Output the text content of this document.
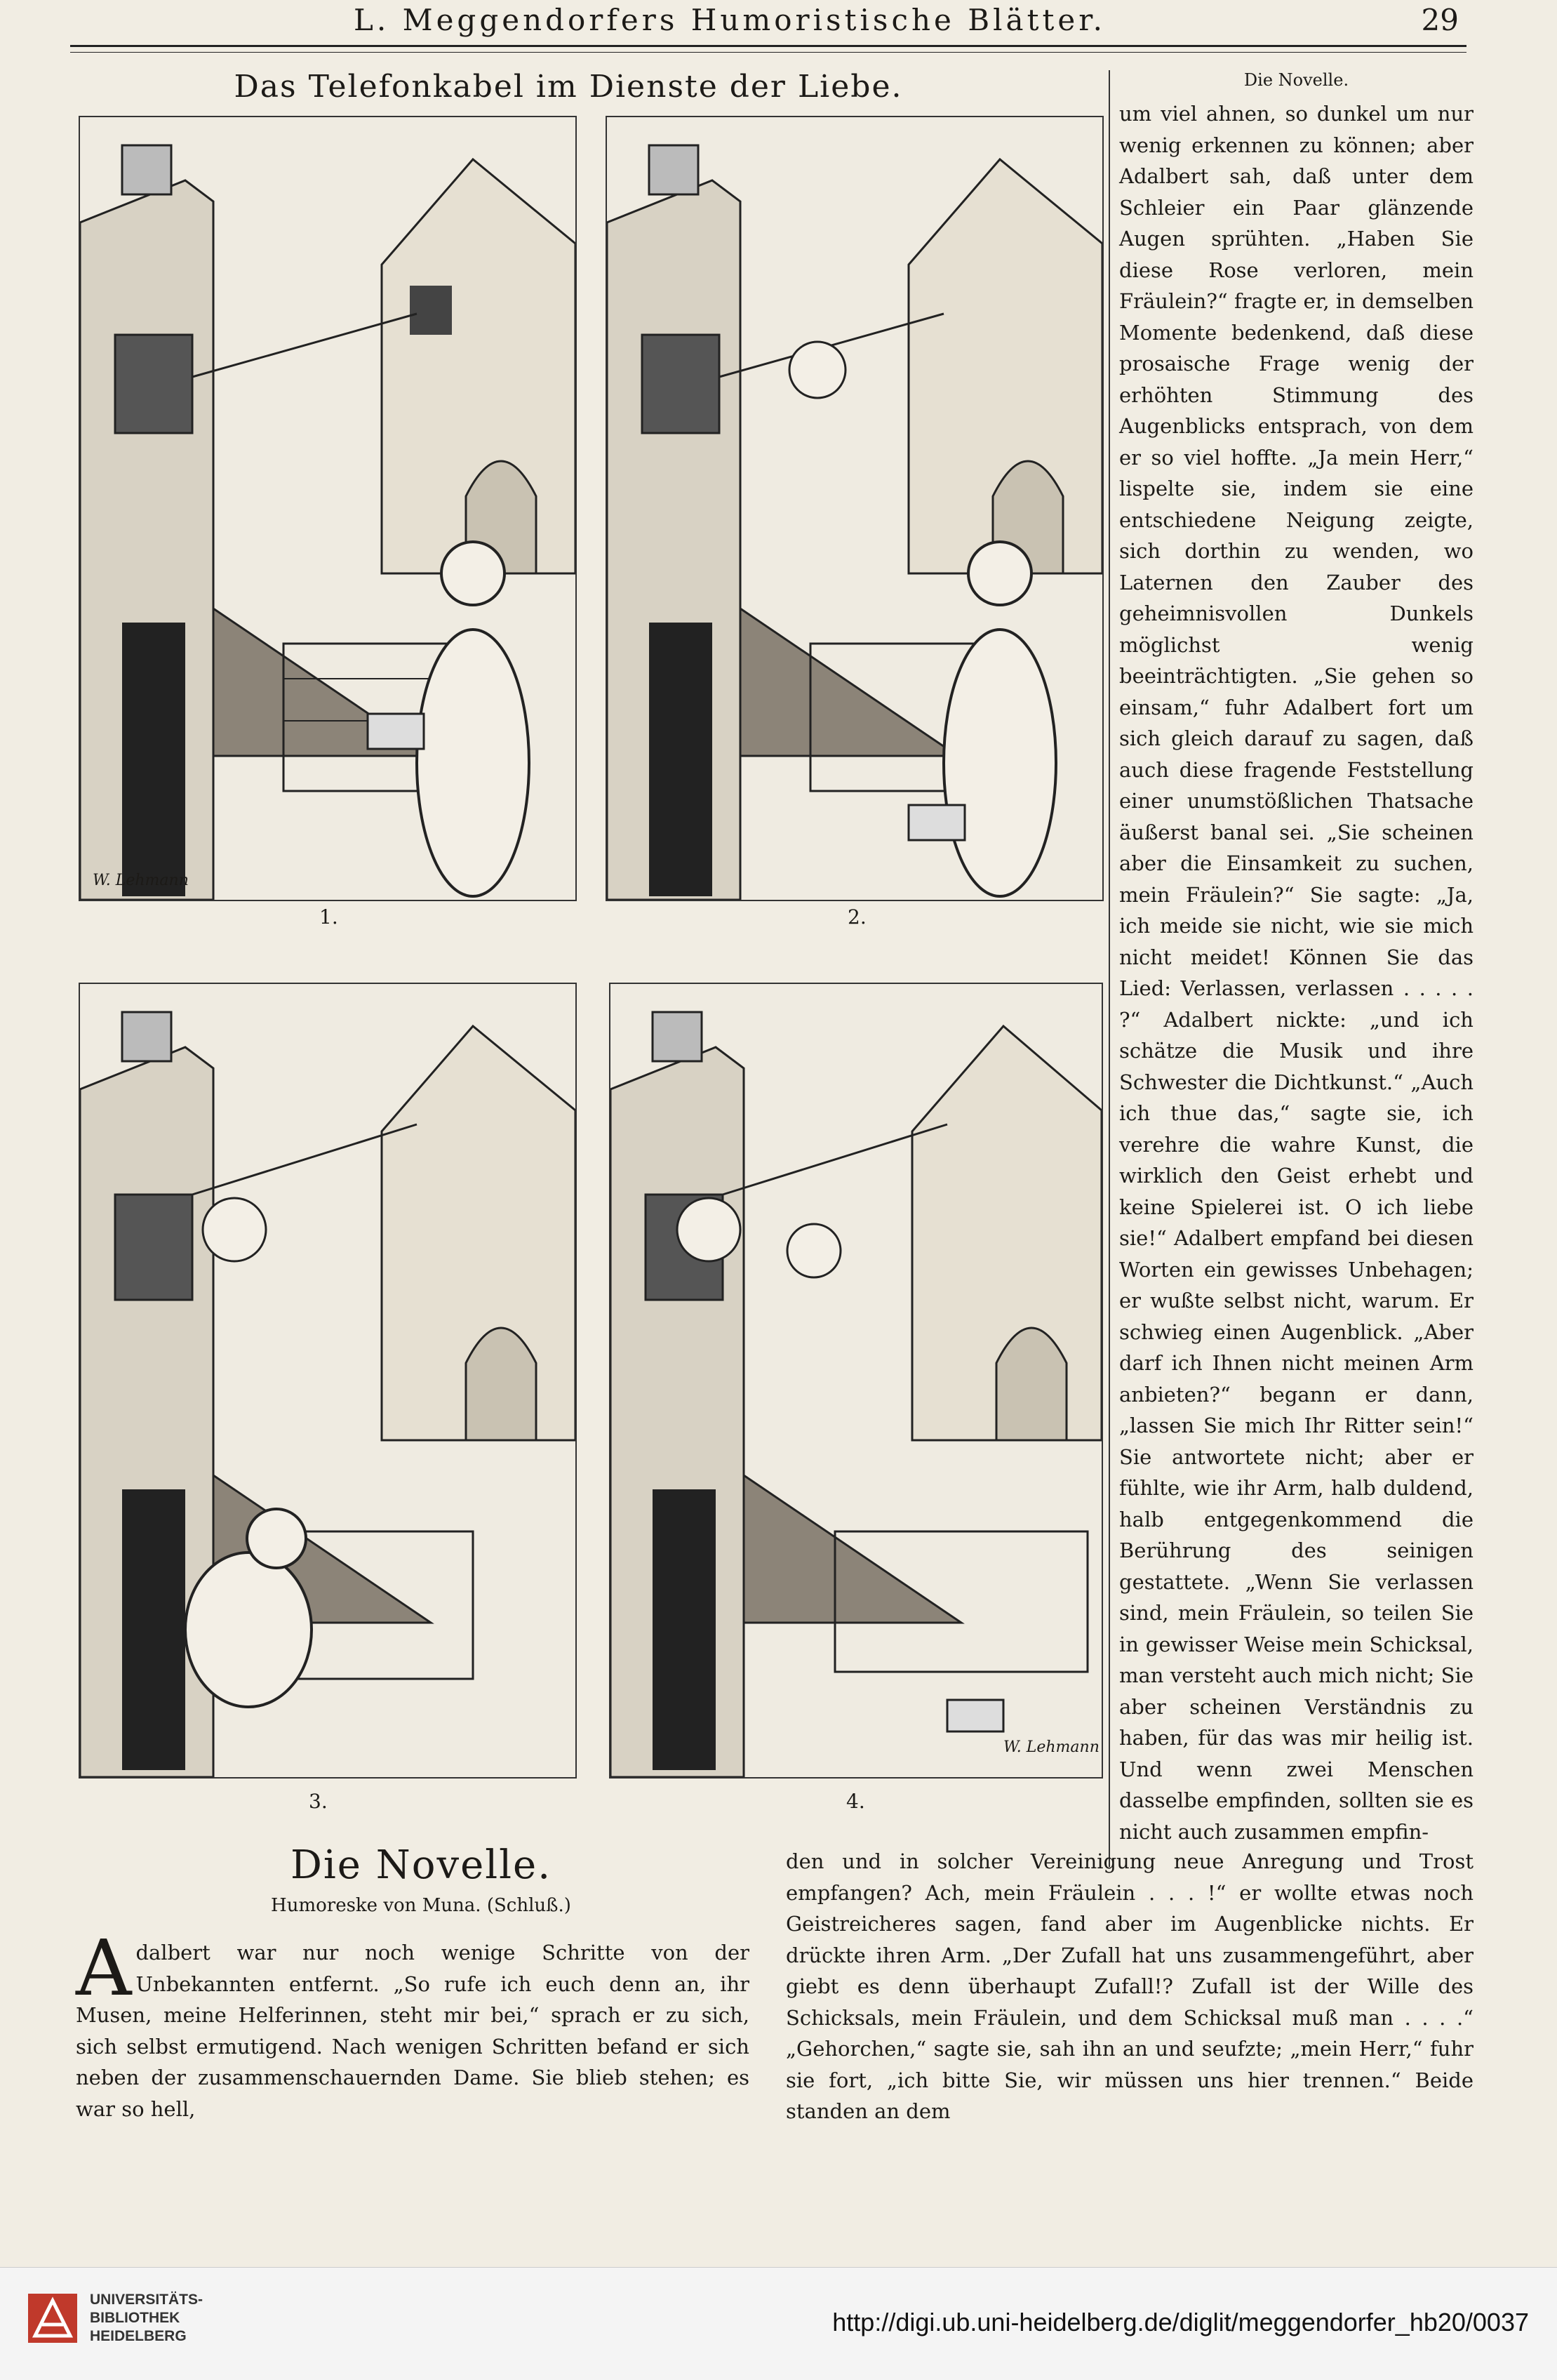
L. Meggendorfers Humoristische Blätter.	29
Das Telefonkabel im Dienste der Liebe.
W. Lehmann
1.	2.
3.
W. Lehmann
4.
Die Novelle.
um viel ahnen, so dunkel um nur wenig erkennen zu können; aber Adalbert sah, daß unter dem Schleier ein Paar glänzende Augen sprühten. „Haben Sie diese Rose verloren, mein Fräulein?“ fragte er, in demselben Momente bedenkend, daß diese prosaische Frage wenig der erhöhten Stimmung des Augenblicks entsprach, von dem er so viel hoffte. „Ja mein Herr,“ lispelte sie, indem sie eine entschiedene Neigung zeigte, sich dorthin zu wenden, wo Laternen den Zauber des geheimnisvollen Dunkels möglichst wenig beeinträchtigten. „Sie gehen so einsam,“ fuhr Adalbert fort um sich gleich darauf zu sagen, daß auch diese fragende Feststellung einer unumstößlichen Thatsache äußerst banal sei. „Sie scheinen aber die Einsamkeit zu suchen, mein Fräulein?“ Sie sagte: „Ja, ich meide sie nicht, wie sie mich nicht meidet! Können Sie das Lied: Verlassen, verlassen . . . . . ?“ Adalbert nickte: „und ich schätze die Musik und ihre Schwester die Dichtkunst.“ „Auch ich thue das,“ sagte sie, ich verehre die wahre Kunst, die wirklich den Geist erhebt und keine Spielerei ist. O ich liebe sie!“ Adalbert empfand bei diesen Worten ein gewisses Unbehagen; er wußte selbst nicht, warum. Er schwieg einen Augenblick. „Aber darf ich Ihnen nicht meinen Arm anbieten?“ begann er dann, „lassen Sie mich Ihr Ritter sein!“ Sie antwortete nicht; aber er fühlte, wie ihr Arm, halb duldend, halb entgegenkommend die Berührung des seinigen gestattete. „Wenn Sie verlassen sind, mein Fräulein, so teilen Sie in gewisser Weise mein Schicksal, man versteht auch mich nicht; Sie aber scheinen Verständnis zu haben, für das was mir heilig ist. Und wenn zwei Menschen dasselbe empfinden, sollten sie es nicht auch zusammen empfin-
Die Novelle.
Humoreske von Muna. (Schluß.)
A dalbert war nur noch wenige Schritte von der Unbekannten entfernt. „So rufe ich euch denn an, ihr Musen, meine Helferinnen, steht mir bei,“ sprach er zu sich, sich selbst ermutigend. Nach wenigen Schritten befand er sich neben der zusammenschauernden Dame. Sie blieb stehen; es war so hell,
den und in solcher Vereinigung neue Anregung und Trost empfangen? Ach, mein Fräulein . . . !“ er wollte etwas noch Geistreicheres sagen, fand aber im Augenblicke nichts. Er drückte ihren Arm. „Der Zufall hat uns zusammengeführt, aber giebt es denn überhaupt Zufall!? Zufall ist der Wille des Schicksals, mein Fräulein, und dem Schicksal muß man . . . .“ „Gehorchen,“ sagte sie, sah ihn an und seufzte; „mein Herr,“ fuhr sie fort, „ich bitte Sie, wir müssen uns hier trennen.“ Beide standen an dem
UNIVERSITÄTS-
BIBLIOTHEK
HEIDELBERG	http://digi.ub.uni-heidelberg.de/diglit/meggendorfer_hb20/0037
